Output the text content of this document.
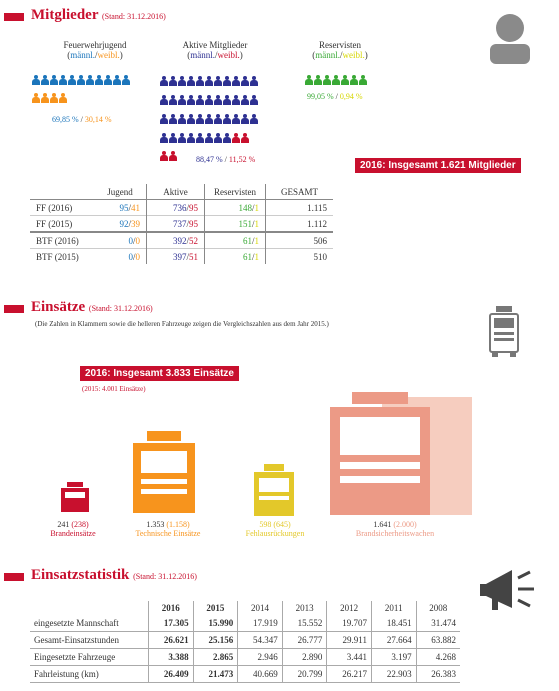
Mitglieder (Stand: 31.12.2016)
Feuerwehrjugend
(männl./weibl.)
69,85 % / 30,14 %
Aktive Mitglieder
(männl./weibl.)

88,47 % / 11,52 %
Reservisten
(männl./weibl.)
99,05 % / 0,94 %
2016: Insgesamt 1.621 Mitglieder
	Jugend	Aktive	Reservisten	GESAMT
FF (2016)	95/41	736/95	148/1	1.115
FF (2015)	92/39	737/95	151/1	1.112
BTF (2016)	0/0	392/52	61/1	506
BTF (2015)	0/0	397/51	61/1	510
Einsätze (Stand: 31.12.2016)
(Die Zahlen in Klammern sowie die helleren Fahrzeuge zeigen die Vergleichszahlen aus dem Jahr 2015.)
2016: Insgesamt 3.833 Einsätze
(2015: 4.001 Einsätze)
241 (238)
Brandeinsätze
1.353 (1.158)
Technische Einsätze
598 (645)
Fehlausrückungen
1.641 (2.000)
Brandsicherheitswachen
Einsatzstatistik (Stand: 31.12.2016)
	2016	2015	2014	2013	2012	2011	2008
eingesetzte Mannschaft	17.305	15.990	17.919	15.552	19.707	18.451	31.474
Gesamt-Einsatzstunden	26.621	25.156	54.347	26.777	29.911	27.664	63.882
Eingesetzte Fahrzeuge	3.388	2.865	2.946	2.890	3.441	3.197	4.268
Fahrleistung (km)	26.409	21.473	40.669	20.799	26.217	22.903	26.383
